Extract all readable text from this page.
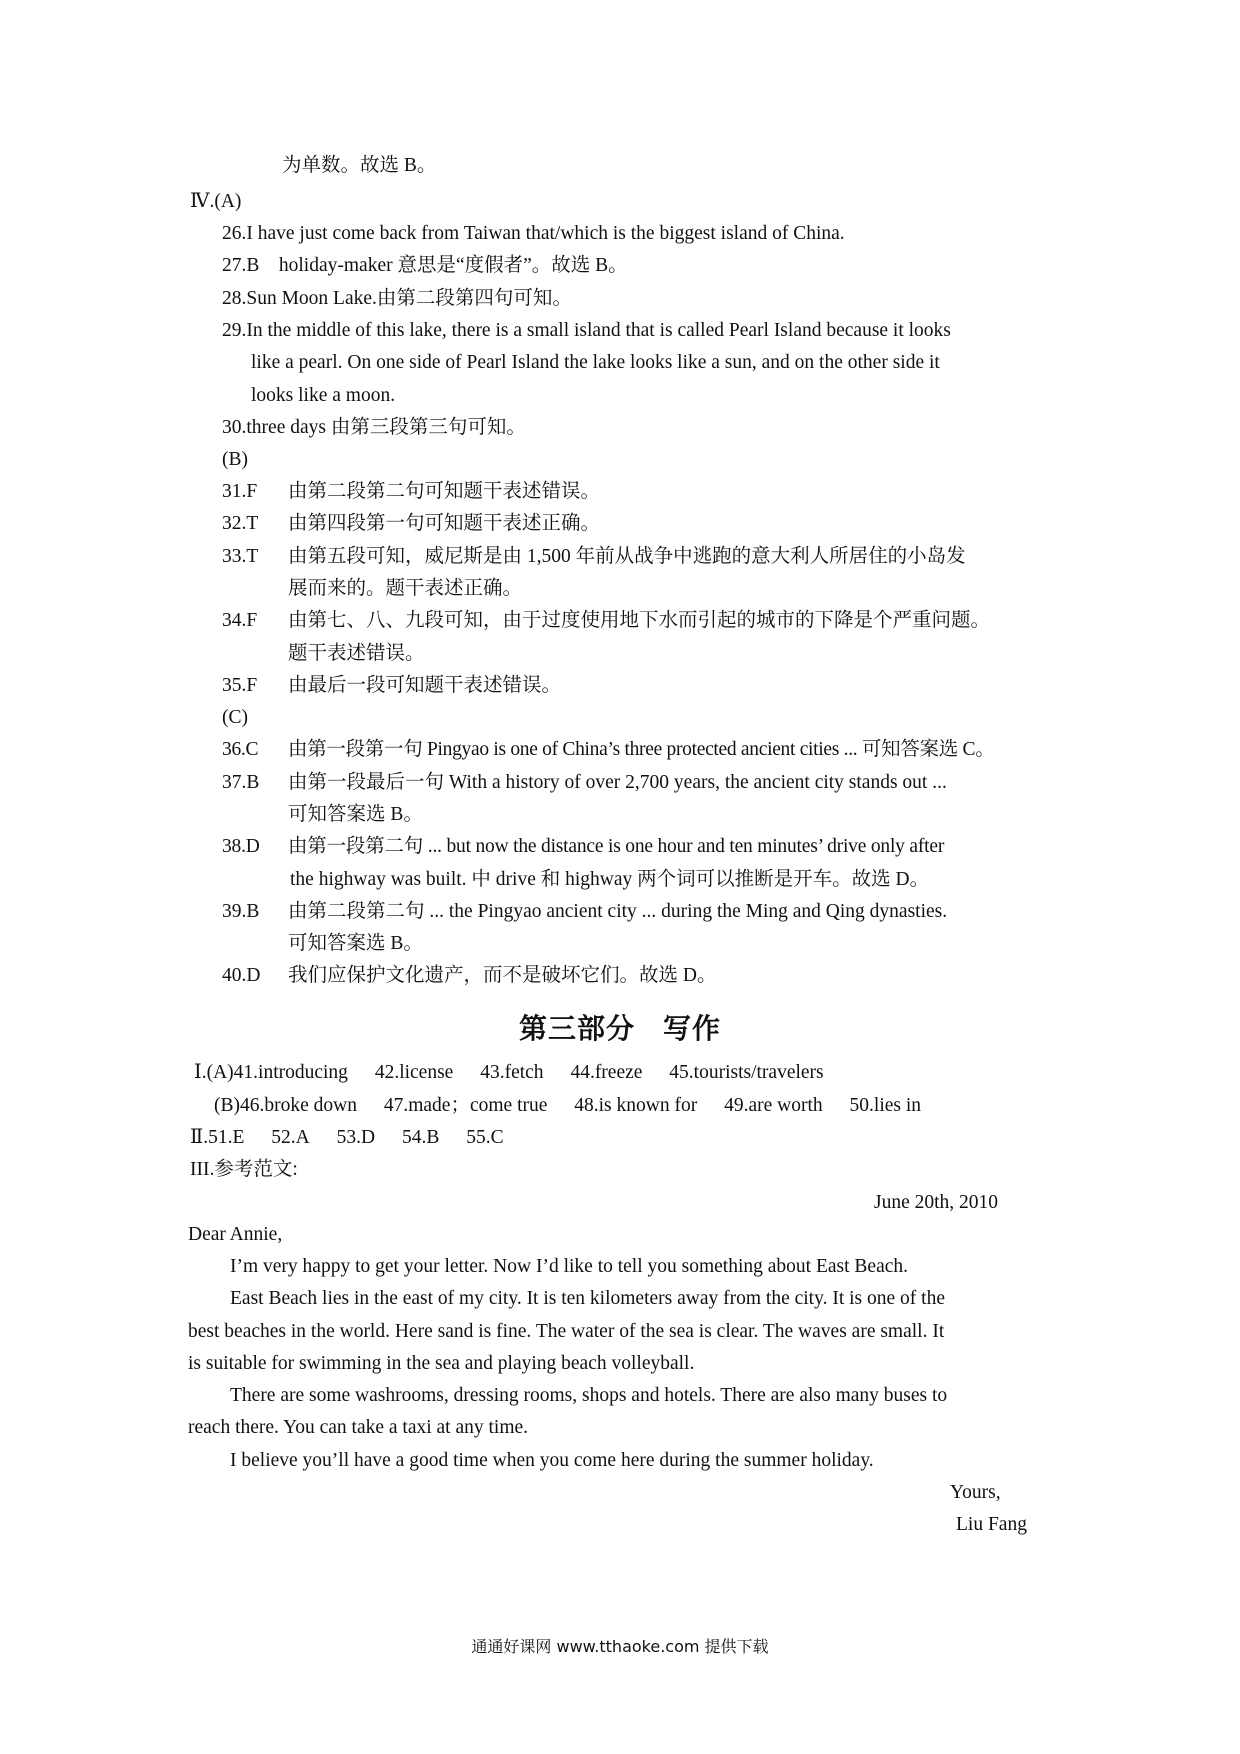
为单数。故选 B。
Ⅳ.(A)
26.I have just come back from Taiwan that/which is the biggest island of China.
27.B　holiday-maker 意思是“度假者”。故选 B。
28.Sun Moon Lake.由第二段第四句可知。
29.In the middle of this lake, there is a small island that is called Pearl Island because it looks
like a pearl. On one side of Pearl Island the lake looks like a sun, and on the other side it
looks like a moon.
30.three days 由第三段第三句可知。
(B)
31.F 由第二段第二句可知题干表述错误。
32.T 由第四段第一句可知题干表述正确。
33.T 由第五段可知，威尼斯是由 1,500 年前从战争中逃跑的意大利人所居住的小岛发
展而来的。题干表述正确。
34.F 由第七、八、九段可知，由于过度使用地下水而引起的城市的下降是个严重问题。
题干表述错误。
35.F 由最后一段可知题干表述错误。
(C)
36.C 由第一段第一句 Pingyao is one of China’s three protected ancient cities ... 可知答案选 C。
37.B 由第一段最后一句 With a history of over 2,700 years, the ancient city stands out ...
可知答案选 B。
38.D 由第一段第二句 ... but now the distance is one hour and ten minutes’ drive only after
the highway was built. 中 drive 和 highway 两个词可以推断是开车。故选 D。
39.B 由第二段第二句 ... the Pingyao ancient city ... during the Ming and Qing dynasties.
可知答案选 B。
40.D 我们应保护文化遗产，而不是破坏它们。故选 D。
第三部分 写作
Ⅰ.(A)41.introducing 42.license 43.fetch 44.freeze 45.tourists/travelers
(B)46.broke down 47.made；come true 48.is known for 49.are worth 50.lies in
Ⅱ.51.E 52.A 53.D 54.B 55.C
III.参考范文:
June 20th, 2010
Dear Annie,
I’m very happy to get your letter. Now I’d like to tell you something about East Beach.
East Beach lies in the east of my city. It is ten kilometers away from the city. It is one of the
best beaches in the world. Here sand is fine. The water of the sea is clear. The waves are small. It
is suitable for swimming in the sea and playing beach volleyball.
There are some washrooms, dressing rooms, shops and hotels. There are also many buses to
reach there. You can take a taxi at any time.
I believe you’ll have a good time when you come here during the summer holiday.
Yours,
Liu Fang
通通好课网 www.tthaoke.com 提供下载
